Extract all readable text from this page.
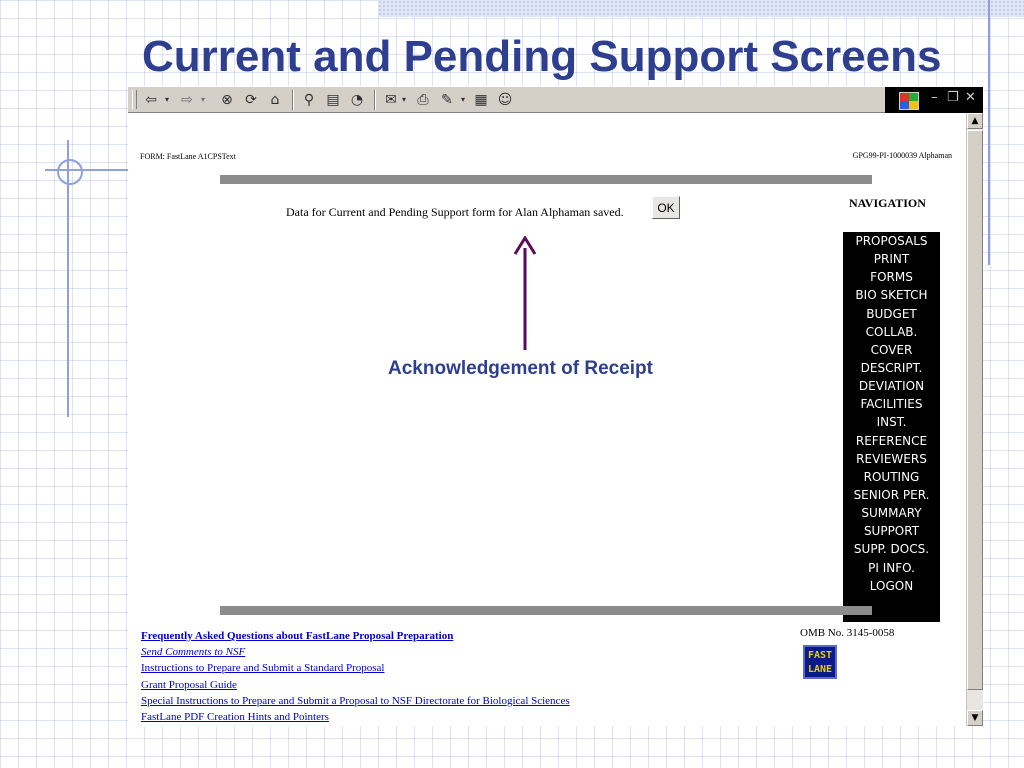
Current and Pending Support Screens
⇦	▾ ⇨	▾ ⊗ ⟳ ⌂	⚲ ▤ ◔ ✉ ▾ ⎙ ✎	▾ ▦ ☺	– ❐ ✕
FORM: FastLane A1CPSText	GPG99-PI-1000039 Alphaman
Data for Current and Pending Support form for Alan Alphaman saved.	OK	NAVIGATION
PROPOSALS
PRINT
FORMS
BIO SKETCH
BUDGET
COLLAB.
COVER
DESCRIPT.
DEVIATION
FACILITIES
INST.
REFERENCE
REVIEWERS
ROUTING
SENIOR PER.
SUMMARY
SUPPORT
SUPP. DOCS.
PI INFO.
LOGON
Frequently Asked Questions about FastLane Proposal Preparation
Send Comments to NSF
Instructions to Prepare and Submit a Standard Proposal
Grant Proposal Guide
Special Instructions to Prepare and Submit a Proposal to NSF Directorate for Biological Sciences
FastLane PDF Creation Hints and Pointers
OMB No. 3145-0058
FAST
LANE
▲
▼
Acknowledgement of Receipt
